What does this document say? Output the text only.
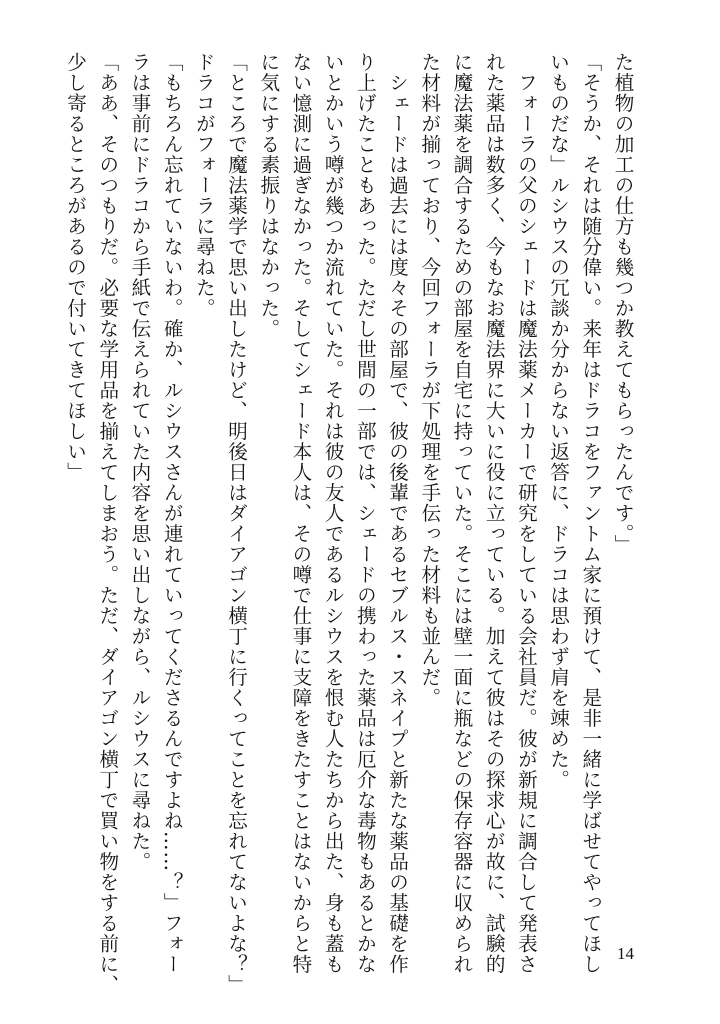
た植物の加工の仕方も幾つか教えてもらったんです。」

「そうか、それは随分偉い。来年はドラコをファントム家に預けて、是非一緒に学ばせてやってほし

いものだな」ルシウスの冗談か分からない返答に、ドラコは思わず肩を竦めた。

　フォーラの父のシェードは魔法薬メーカーで研究をしている会社員だ。彼が新規に調合して発表さ

れた薬品は数多く、今もなお魔法界に大いに役に立っている。加えて彼はその探求心が故に、試験的

に魔法薬を調合するための部屋を自宅に持っていた。そこには壁一面に瓶などの保存容器に収められ

た材料が揃っており、今回フォーラが下処理を手伝った材料も並んだ。

　シェードは過去には度々その部屋で、彼の後輩であるセブルス・スネイプと新たな薬品の基礎を作

り上げたこともあった。ただし世間の一部では、シェードの携わった薬品は厄介な毒物もあるとかな

いとかいう噂が幾つか流れていた。それは彼の友人であるルシウスを恨む人たちから出た、身も蓋も

ない憶測に過ぎなかった。そしてシェード本人は、その噂で仕事に支障をきたすことはないからと特

に気にする素振りはなかった。

「ところで魔法薬学で思い出したけど、明後日はダイアゴン横丁に行くってことを忘れてないよな？」

ドラコがフォーラに尋ねた。

「もちろん忘れていないわ。確か、ルシウスさんが連れていってくださるんですよね……？」フォー

ラは事前にドラコから手紙で伝えられていた内容を思い出しながら、ルシウスに尋ねた。

「ああ、そのつもりだ。必要な学用品を揃えてしまおう。ただ、ダイアゴン横丁で買い物をする前に、

少し寄るところがあるので付いてきてほしい」

14
